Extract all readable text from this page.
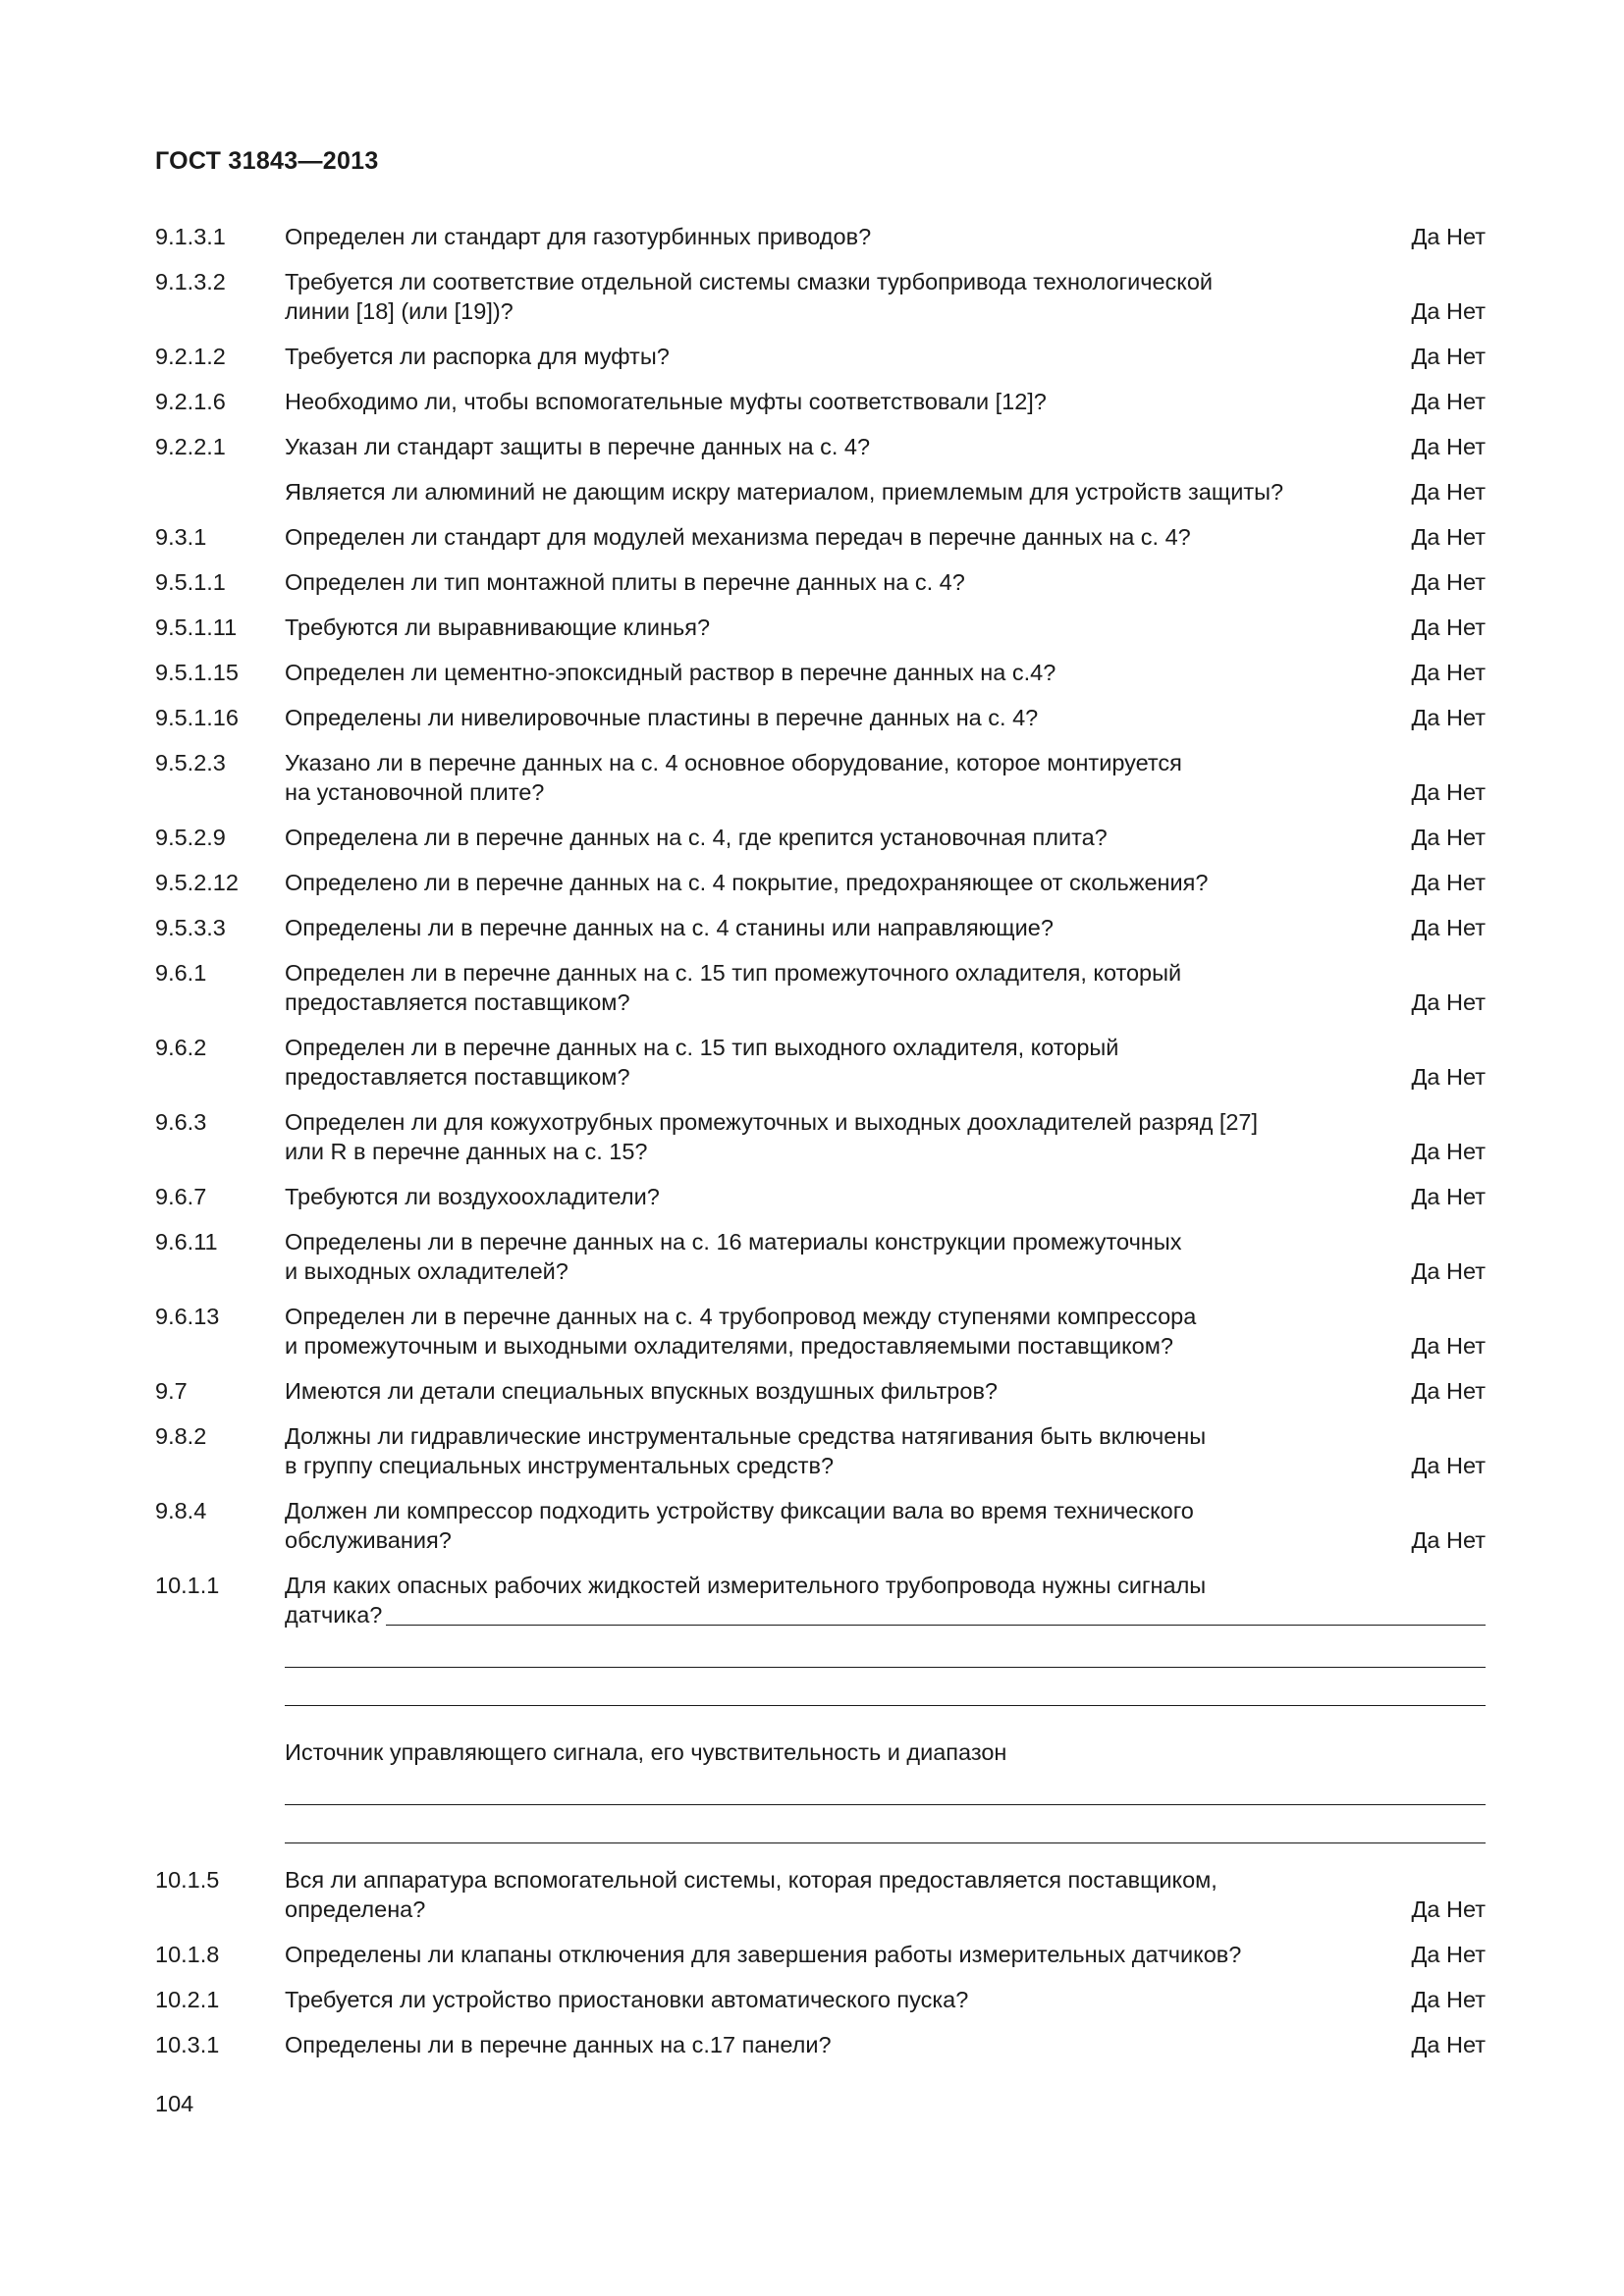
ГОСТ 31843—2013
9.1.3.1	Определен ли стандарт для газотурбинных приводов?	Да Нет
9.1.3.2	Требуется ли соответствие отдельной системы смазки турбопривода технологической
линии [18] (или [19])?	Да Нет
9.2.1.2	Требуется ли распорка для муфты?	Да Нет
9.2.1.6	Необходимо ли, чтобы вспомогательные муфты соответствовали [12]?	Да Нет
9.2.2.1	Указан ли стандарт защиты в перечне данных на с. 4?	Да Нет
Является ли алюминий не дающим искру материалом, приемлемым для устройств защиты?	Да Нет
9.3.1	Определен ли стандарт для модулей механизма передач в перечне данных на с. 4?	Да Нет
9.5.1.1	Определен ли тип монтажной плиты в перечне данных на с. 4?	Да Нет
9.5.1.11	Требуются ли выравнивающие клинья?	Да Нет
9.5.1.15	Определен ли цементно-эпоксидный раствор в перечне данных на с.4?	Да Нет
9.5.1.16	Определены ли нивелировочные пластины в перечне данных на с. 4?	Да Нет
9.5.2.3	Указано ли в перечне данных на с. 4 основное оборудование, которое монтируется
на установочной плите?	Да Нет
9.5.2.9	Определена ли в перечне данных на с. 4, где крепится установочная плита?	Да Нет
9.5.2.12	Определено ли в перечне данных на с. 4 покрытие, предохраняющее от скольжения?	Да Нет
9.5.3.3	Определены ли в перечне данных на с. 4 станины или направляющие?	Да Нет
9.6.1	Определен ли в перечне данных на с. 15 тип промежуточного охладителя, который
предоставляется поставщиком?	Да Нет
9.6.2	Определен ли в перечне данных на с. 15 тип выходного охладителя, который
предоставляется поставщиком?	Да Нет
9.6.3	Определен ли для кожухотрубных промежуточных и выходных доохладителей разряд [27]
или R в перечне данных на с. 15?	Да Нет
9.6.7	Требуются ли воздухоохладители?	Да Нет
9.6.11	Определены ли в перечне данных на с. 16 материалы конструкции промежуточных
и выходных охладителей?	Да Нет
9.6.13	Определен ли в перечне данных на с. 4 трубопровод между ступенями компрессора
и промежуточным и выходными охладителями, предоставляемыми поставщиком?	Да Нет
9.7	Имеются ли детали специальных впускных воздушных фильтров?	Да Нет
9.8.2	Должны ли гидравлические инструментальные средства натягивания быть включены
в группу специальных инструментальных средств?	Да Нет
9.8.4	Должен ли компрессор подходить устройству фиксации вала во время технического
обслуживания?	Да Нет
10.1.1	Для каких опасных рабочих жидкостей измерительного трубопровода нужны сигналы
датчика?
Источник управляющего сигнала, его чувствительность и диапазон
10.1.5	Вся ли аппаратура вспомогательной системы, которая предоставляется поставщиком,
определена?	Да Нет
10.1.8	Определены ли клапаны отключения для завершения работы измерительных датчиков?	Да Нет
10.2.1	Требуется ли устройство приостановки автоматического пуска?	Да Нет
10.3.1	Определены ли в перечне данных на с.17 панели?	Да Нет
104
